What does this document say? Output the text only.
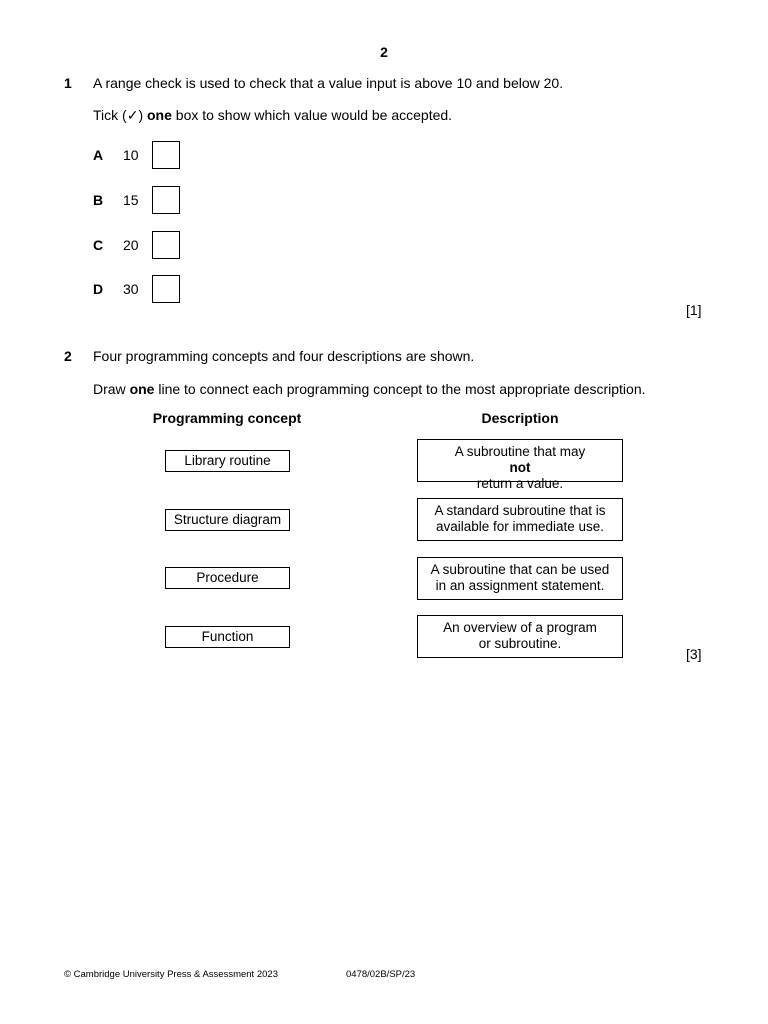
2
1 A range check is used to check that a value input is above 10 and below 20.
Tick (✓) one box to show which value would be accepted.
A 10
B 15
C 20
D 30
[1]
2 Four programming concepts and four descriptions are shown.
Draw one line to connect each programming concept to the most appropriate description.
Programming concept	Description
Library routine
Structure diagram
Procedure
Function
A subroutine that may
not
return a value.
A standard subroutine that is
available for immediate use.
A subroutine that can be used
in an assignment statement.
An overview of a program
or subroutine.
[3]
© Cambridge University Press & Assessment 2023	0478/02B/SP/23
